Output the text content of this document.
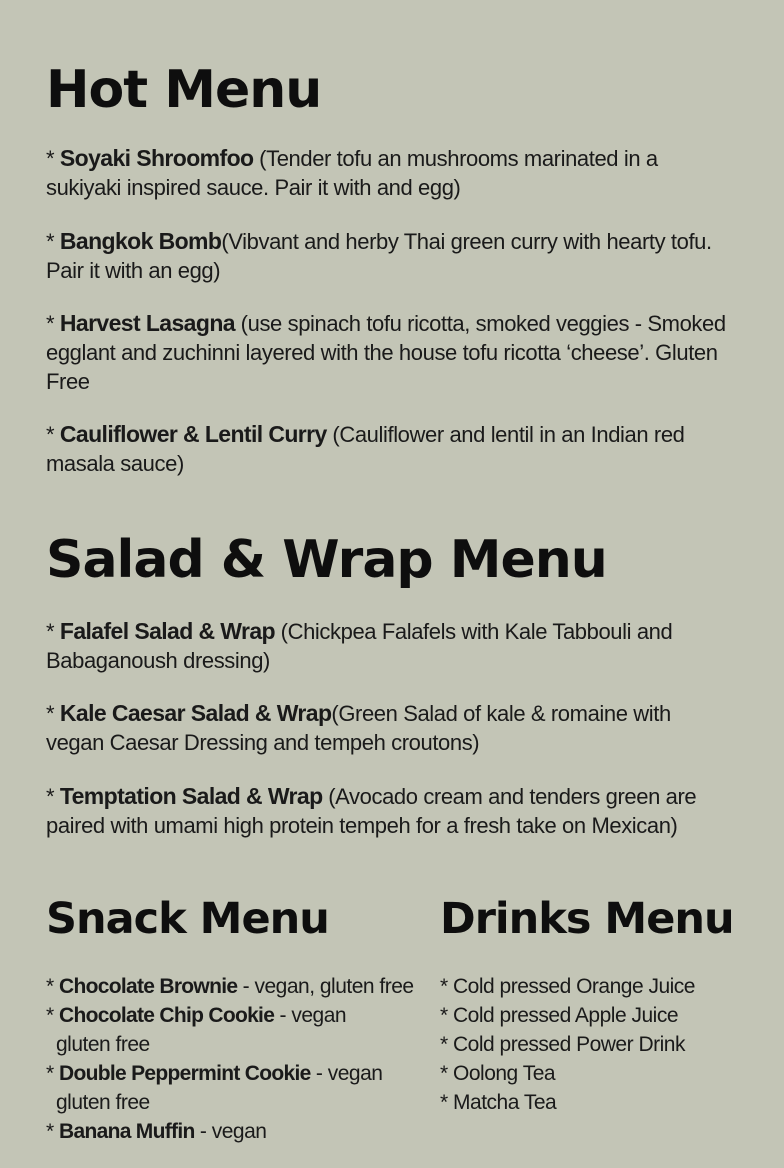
Hot Menu

* Soyaki Shroomfoo (Tender tofu an mushrooms marinated in a sukiyaki inspired sauce. Pair it with and egg)

* Bangkok Bomb(Vibvant and herby Thai green curry with hearty tofu. Pair it with an egg)

* Harvest Lasagna (use spinach tofu ricotta, smoked veggies - Smoked egglant and zuchinni layered with the house tofu ricotta ‘cheese’. Gluten Free

* Cauliflower & Lentil Curry (Cauliflower and lentil in an Indian red masala sauce)

Salad & Wrap Menu

* Falafel Salad & Wrap (Chickpea Falafels with Kale Tabbouli and Babaganoush dressing)

* Kale Caesar Salad & Wrap(Green Salad of kale & romaine with vegan Caesar Dressing and tempeh croutons)

* Temptation Salad & Wrap (Avocado cream and tenders green are paired with umami high protein tempeh for a fresh take on Mexican)

Snack Menu
* Chocolate Brownie - vegan, gluten free
* Chocolate Chip Cookie - vegan
gluten free
* Double Peppermint Cookie - vegan
gluten free
* Banana Muffin - vegan
Drinks Menu
* Cold pressed Orange Juice
* Cold pressed Apple Juice
* Cold pressed Power Drink
* Oolong Tea
* Matcha Tea
